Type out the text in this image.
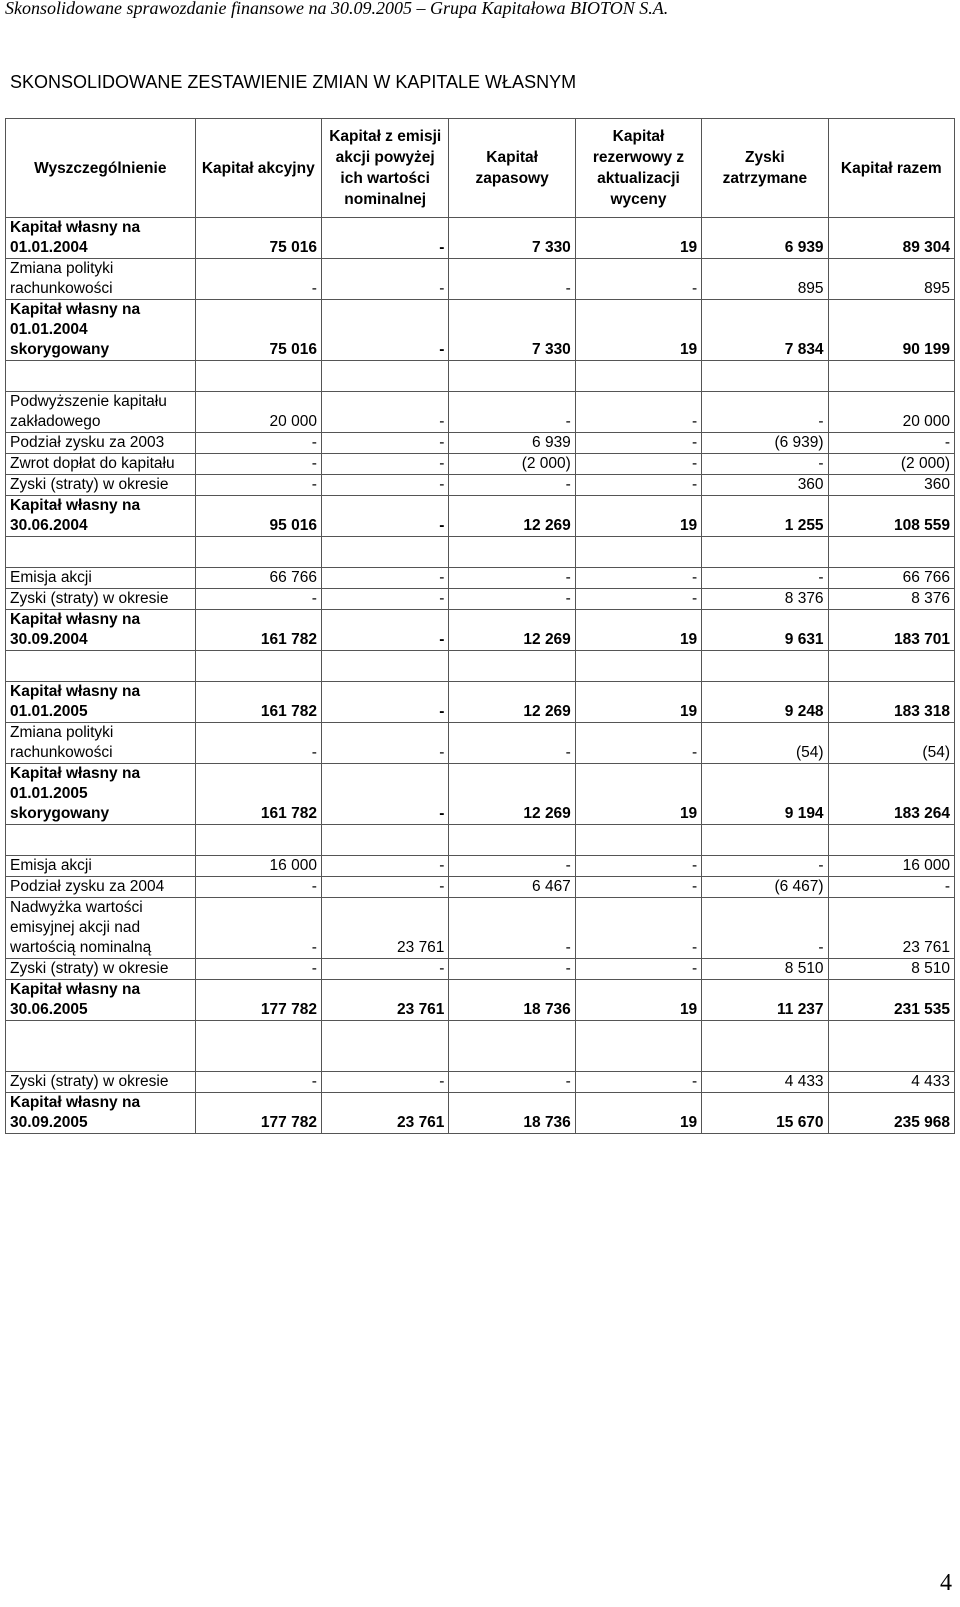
Skonsolidowane sprawozdanie finansowe na 30.09.2005 – Grupa Kapitałowa BIOTON S.A.
SKONSOLIDOWANE ZESTAWIENIE ZMIAN W KAPITALE WŁASNYM
Wyszczególnienie	Kapitał akcyjny	Kapitał z emisji akcji powyżej ich wartości nominalnej	Kapitał zapasowy	Kapitał rezerwowy z aktualizacji wyceny	Zyski zatrzymane	Kapitał razem
Kapitał własny na 01.01.2004	75 016	-	7 330	19	6 939	89 304
Zmiana polityki rachunkowości	-	-	-	-	895	895
Kapitał własny na 01.01.2004 skorygowany	75 016	-	7 330	19	7 834	90 199

Podwyższenie kapitału zakładowego	20 000	-	-	-	-	20 000
Podział zysku za 2003	-	-	6 939	-	(6 939)	-
Zwrot dopłat do kapitału	-	-	(2 000)	-	-	(2 000)
Zyski (straty) w okresie	-	-	-	-	360	360
Kapitał własny na 30.06.2004	95 016	-	12 269	19	1 255	108 559

Emisja akcji	66 766	-	-	-	-	66 766
Zyski (straty) w okresie	-	-	-	-	8 376	8 376
Kapitał własny na 30.09.2004	161 782	-	12 269	19	9 631	183 701

Kapitał własny na 01.01.2005	161 782	-	12 269	19	9 248	183 318
Zmiana polityki rachunkowości	-	-	-	-	(54)	(54)
Kapitał własny na 01.01.2005 skorygowany	161 782	-	12 269	19	9 194	183 264

Emisja akcji	16 000	-	-	-	-	16 000
Podział zysku za 2004	-	-	6 467	-	(6 467)	-
Nadwyżka wartości emisyjnej akcji nad wartością nominalną	-	23 761	-	-	-	23 761
Zyski (straty) w okresie	-	-	-	-	8 510	8 510
Kapitał własny na 30.06.2005	177 782	23 761	18 736	19	11 237	231 535

Zyski (straty) w okresie	-	-	-	-	4 433	4 433
Kapitał własny na 30.09.2005	177 782	23 761	18 736	19	15 670	235 968
4
